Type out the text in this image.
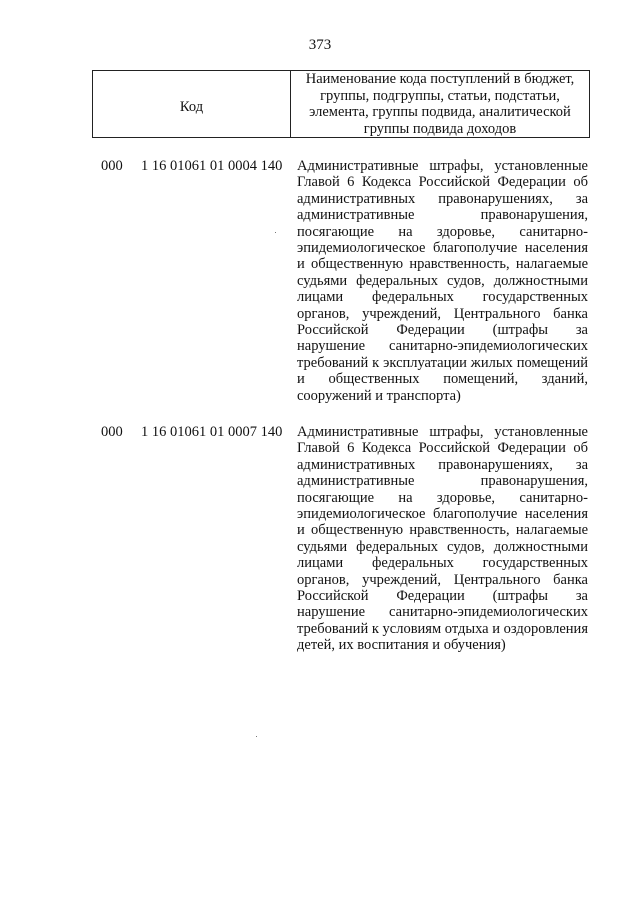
373
Код
Наименование кода поступлений в бюджет,
группы, подгруппы, статьи, подстатьи,
элемента, группы подвида, аналитической
группы подвида доходов
000	1 16 01061 01 0004 140 Административные штрафы, установленные
Главой 6 Кодекса Российской Федерации об
административных правонарушениях, за
административные правонарушения,
посягающие на здоровье, санитарно-
эпидемиологическое благополучие населения
и общественную нравственность, налагаемые
судьями федеральных судов, должностными
лицами федеральных государственных
органов, учреждений, Центрального банка
Российской Федерации (штрафы за
нарушение санитарно-эпидемиологических
требований к эксплуатации жилых помещений
и общественных помещений, зданий,
сооружений и транспорта)
000	1 16 01061 01 0007 140 Административные штрафы, установленные
Главой 6 Кодекса Российской Федерации об
административных правонарушениях, за
административные правонарушения,
посягающие на здоровье, санитарно-
эпидемиологическое благополучие населения
и общественную нравственность, налагаемые
судьями федеральных судов, должностными
лицами федеральных государственных
органов, учреждений, Центрального банка
Российской Федерации (штрафы за
нарушение санитарно-эпидемиологических
требований к условиям отдыха и оздоровления
детей, их воспитания и обучения)
